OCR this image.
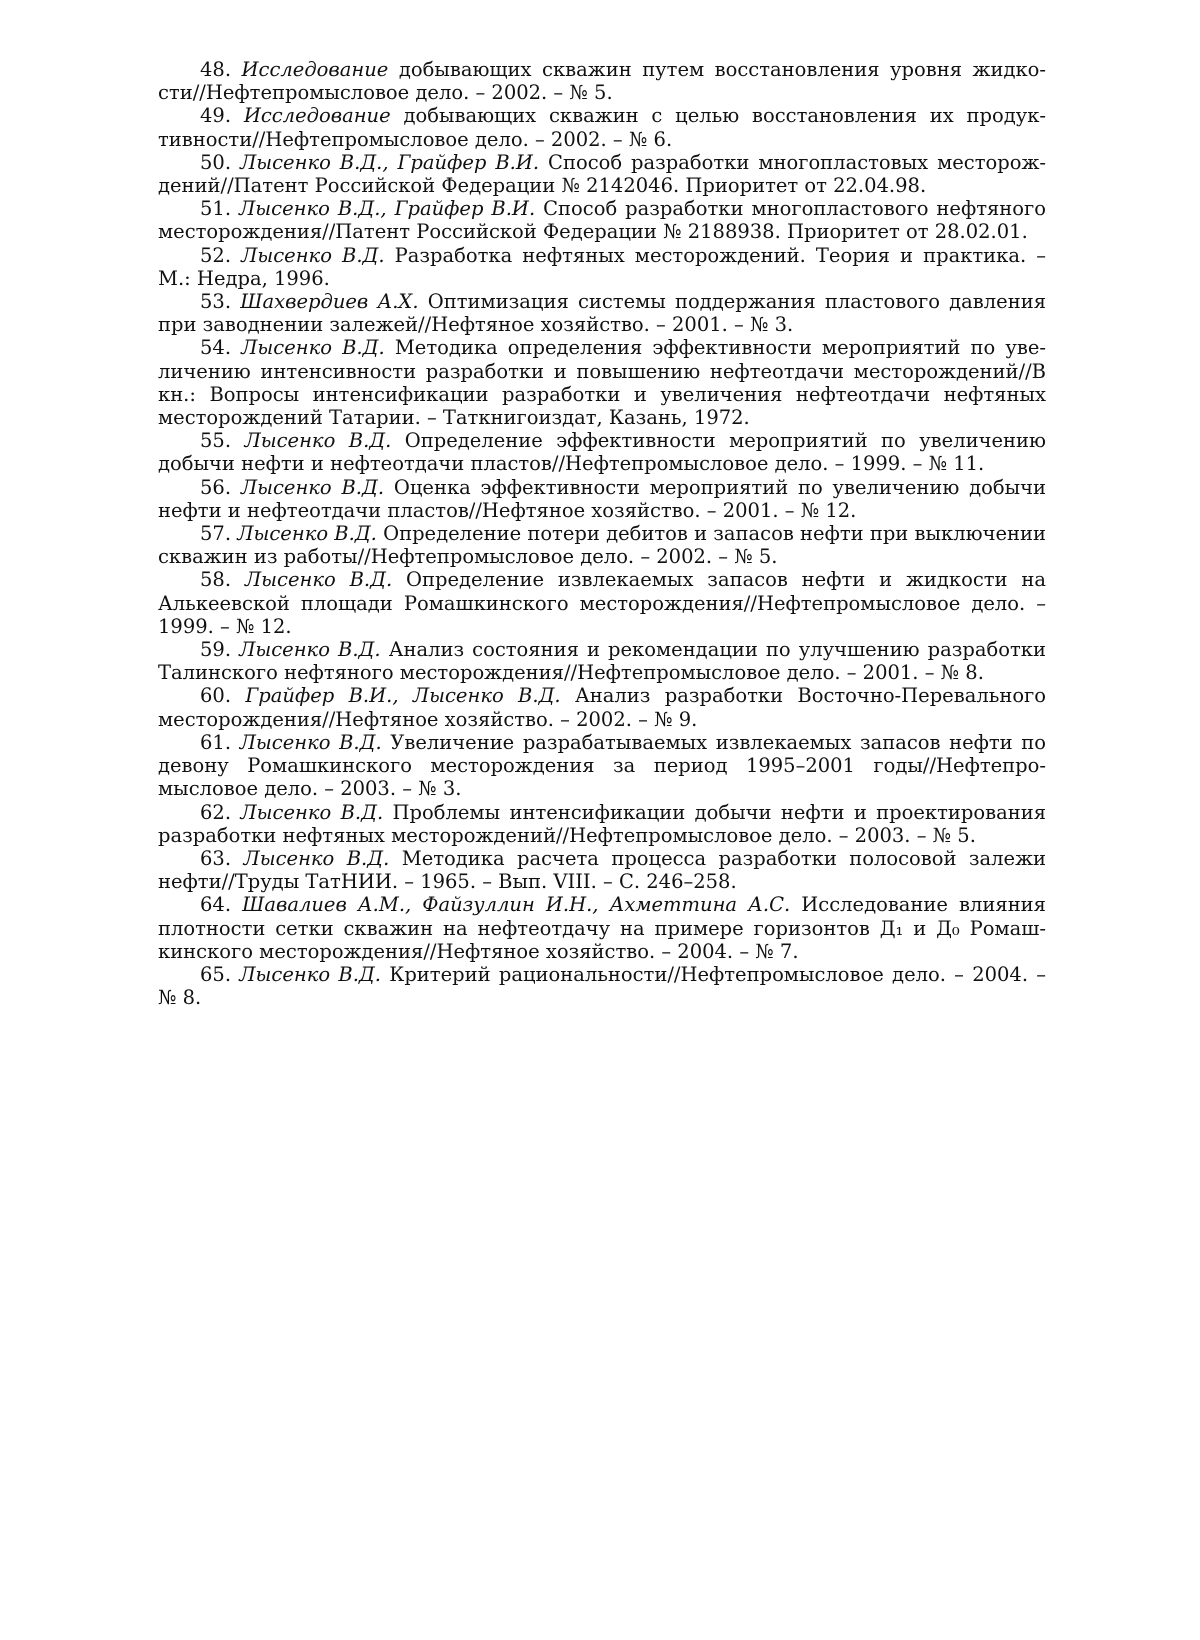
48. Исследование добывающих скважин путем восстановления уровня жидкости//Нефтепромысловое дело. – 2002. – № 5.

49. Исследование добывающих скважин с целью восстановления их продуктивности//Нефтепромысловое дело. – 2002. – № 6.

50. Лысенко В.Д., Грайфер В.И. Способ разработки многопластовых месторождений//Патент Российской Федерации № 2142046. Приоритет от 22.04.98.

51. Лысенко В.Д., Грайфер В.И. Способ разработки многопластового нефтяного месторождения//Патент Российской Федерации № 2188938. Приоритет от 28.02.01.

52. Лысенко В.Д. Разработка нефтяных месторождений. Теория и практика. – М.: Недра, 1996.

53. Шахвердиев А.Х. Оптимизация системы поддержания пластового давления при заводнении залежей//Нефтяное хозяйство. – 2001. – № 3.

54. Лысенко В.Д. Методика определения эффективности мероприятий по увеличению интенсивности разработки и повышению нефтеотдачи месторождений//В кн.: Вопросы интенсификации разработки и увеличения нефтеотдачи нефтяных месторождений Татарии. – Таткнигоиздат, Казань, 1972.

55. Лысенко В.Д. Определение эффективности мероприятий по увеличению добычи нефти и нефтеотдачи пластов//Нефтепромысловое дело. – 1999. – № 11.

56. Лысенко В.Д. Оценка эффективности мероприятий по увеличению добычи нефти и нефтеотдачи пластов//Нефтяное хозяйство. – 2001. – № 12.

57. Лысенко В.Д. Определение потери дебитов и запасов нефти при выключении скважин из работы//Нефтепромысловое дело. – 2002. – № 5.

58. Лысенко В.Д. Определение извлекаемых запасов нефти и жидкости на Алькеевской площади Ромашкинского месторождения//Нефтепромысловое дело. – 1999. – № 12.

59. Лысенко В.Д. Анализ состояния и рекомендации по улучшению разработки Талинского нефтяного месторождения//Нефтепромысловое дело. – 2001. – № 8.

60. Грайфер В.И., Лысенко В.Д. Анализ разработки Восточно-Перевального месторождения//Нефтяное хозяйство. – 2002. – № 9.

61. Лысенко В.Д. Увеличение разрабатываемых извлекаемых запасов нефти по девону Ромашкинского месторождения за период 1995–2001 годы//Нефтепромысловое дело. – 2003. – № 3.

62. Лысенко В.Д. Проблемы интенсификации добычи нефти и проектирования разработки нефтяных месторождений//Нефтепромысловое дело. – 2003. – № 5.

63. Лысенко В.Д. Методика расчета процесса разработки полосовой залежи нефти//Труды ТатНИИ. – 1965. – Вып. VIII. – С. 246–258.

64. Шавалиев А.М., Файзуллин И.Н., Ахметтина А.С. Исследование влияния плотности сетки скважин на нефтеотдачу на примере горизонтов Д₁ и Д₀ Ромашкинского месторождения//Нефтяное хозяйство. – 2004. – № 7.

65. Лысенко В.Д. Критерий рациональности//Нефтепромысловое дело. – 2004. – № 8.
